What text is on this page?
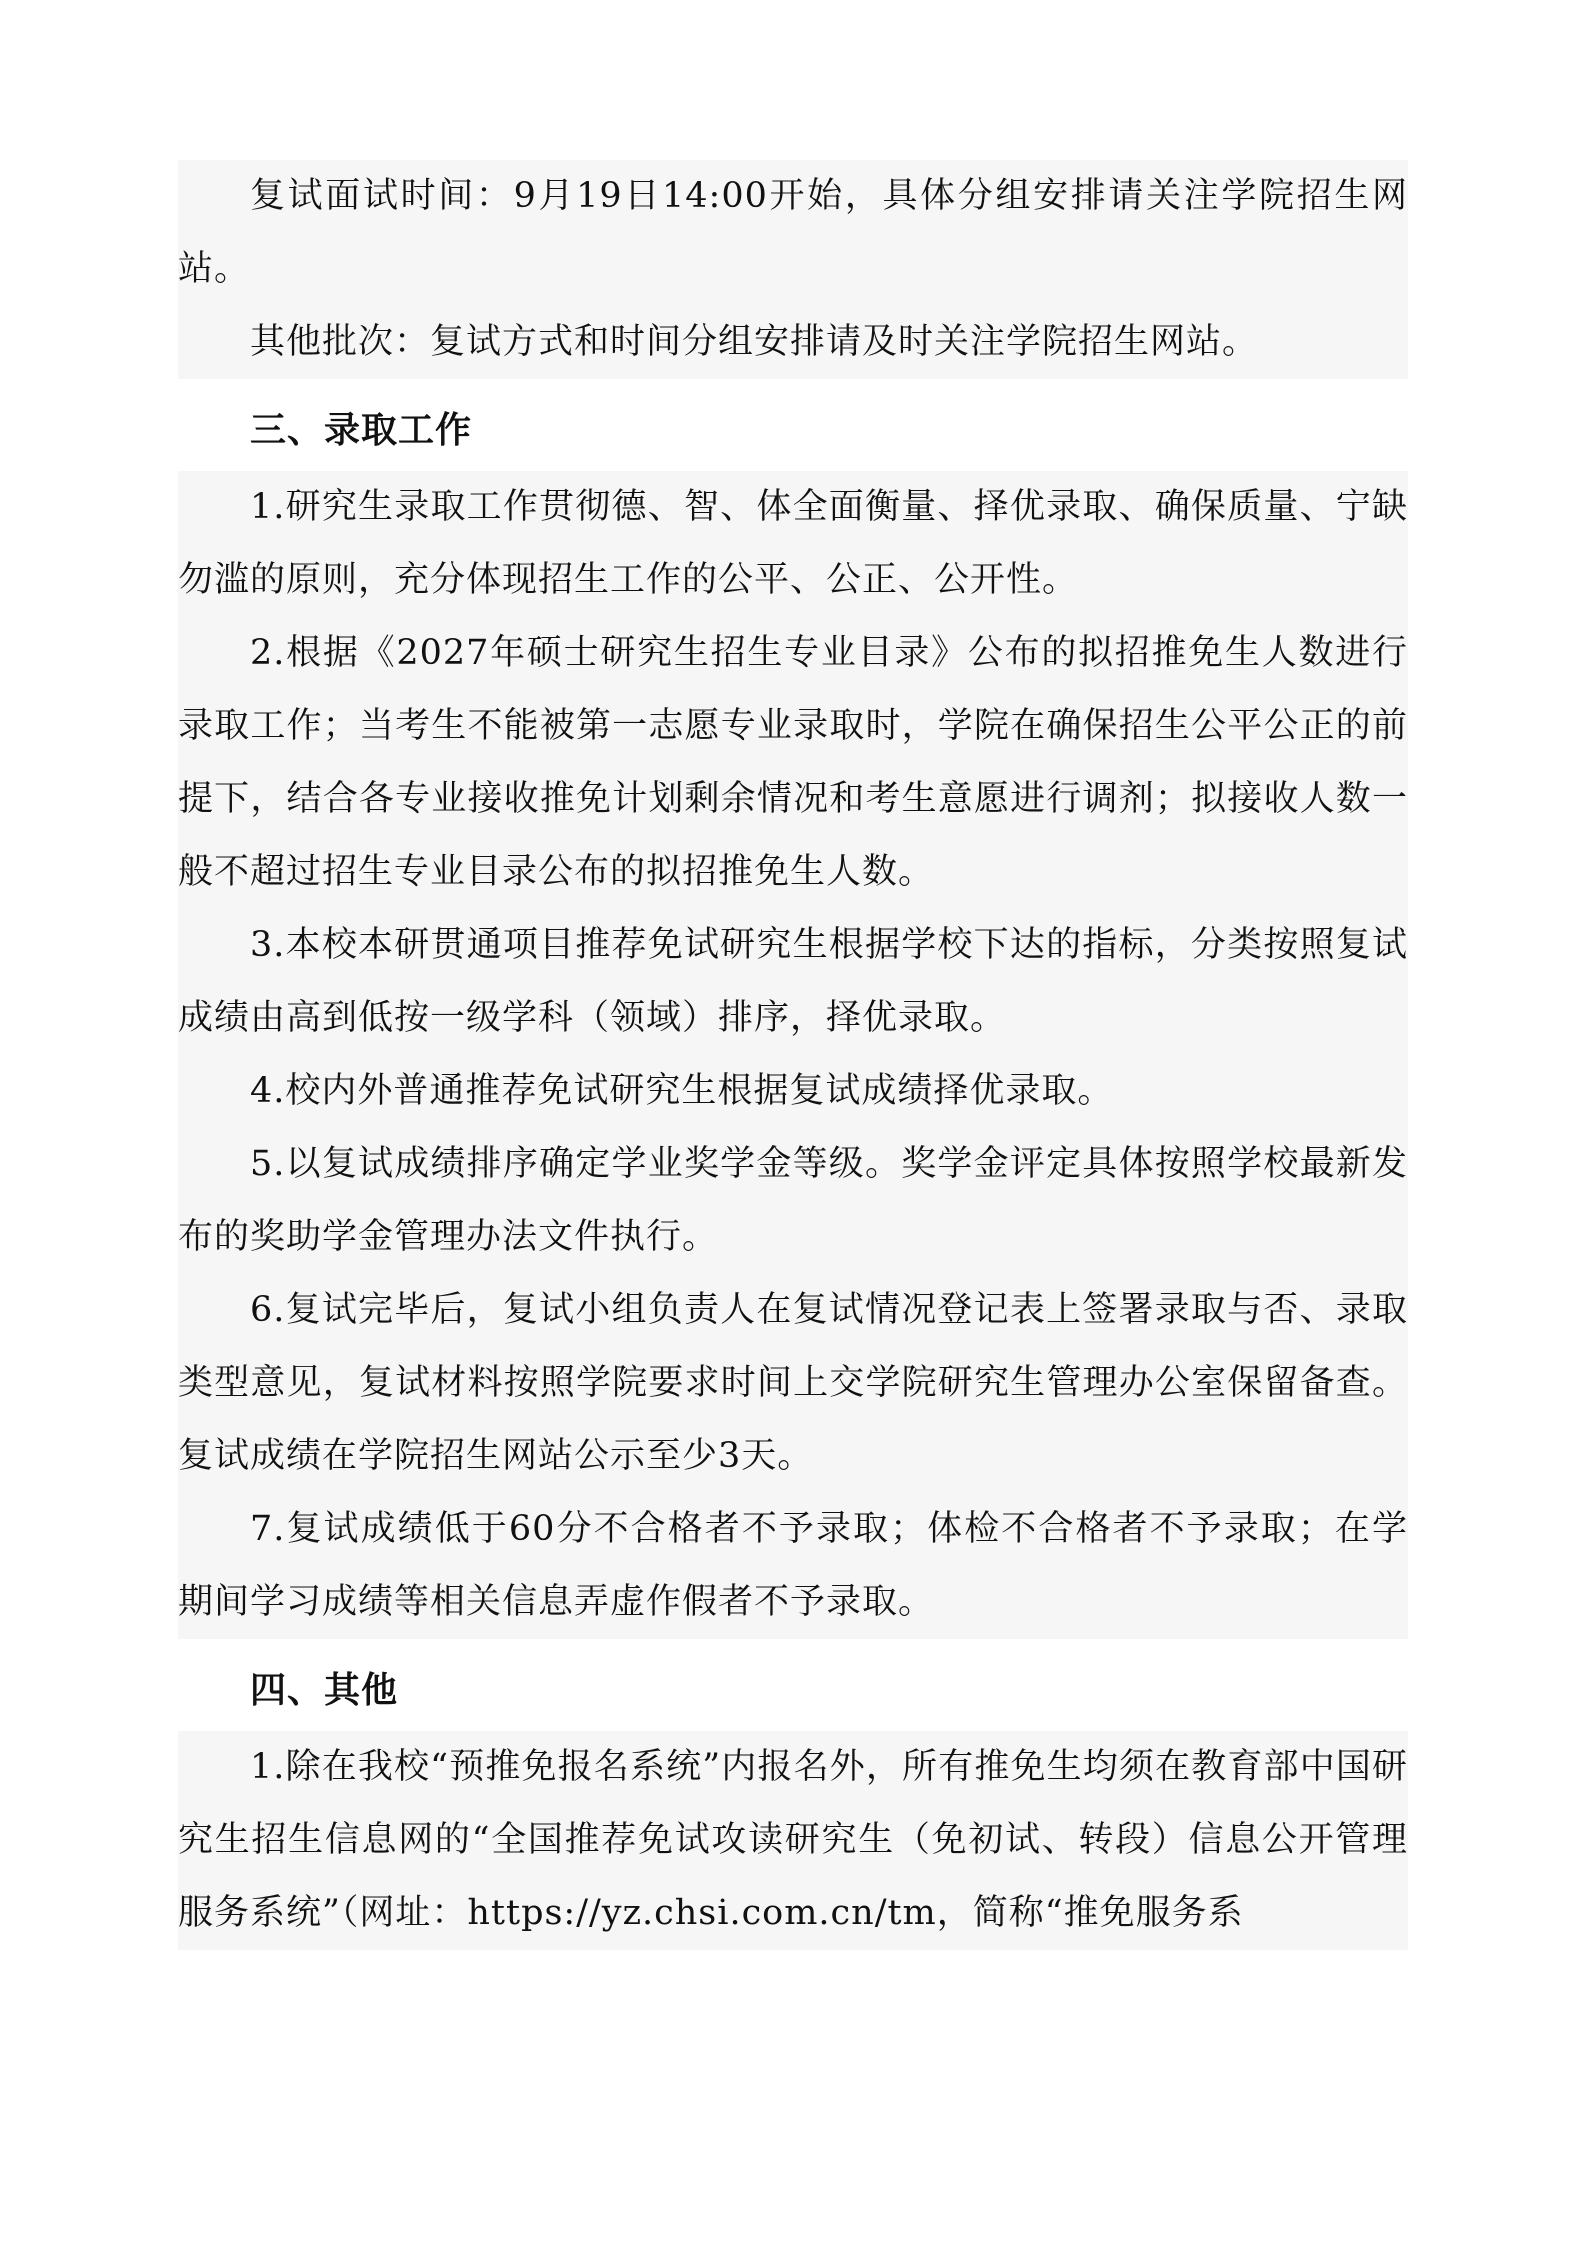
复试面试时间：9月19日14:00开始，具体分组安排请关注学院招生网站。

其他批次：复试方式和时间分组安排请及时关注学院招生网站。

三、录取工作

1.研究生录取工作贯彻德、智、体全面衡量、择优录取、确保质量、宁缺勿滥的原则，充分体现招生工作的公平、公正、公开性。

2.根据《2027年硕士研究生招生专业目录》公布的拟招推免生人数进行录取工作；当考生不能被第一志愿专业录取时，学院在确保招生公平公正的前提下，结合各专业接收推免计划剩余情况和考生意愿进行调剂；拟接收人数一般不超过招生专业目录公布的拟招推免生人数。

3.本校本研贯通项目推荐免试研究生根据学校下达的指标，分类按照复试成绩由高到低按一级学科（领域）排序，择优录取。

4.校内外普通推荐免试研究生根据复试成绩择优录取。

5.以复试成绩排序确定学业奖学金等级。奖学金评定具体按照学校最新发布的奖助学金管理办法文件执行。

6.复试完毕后，复试小组负责人在复试情况登记表上签署录取与否、录取类型意见，复试材料按照学院要求时间上交学院研究生管理办公室保留备查。复试成绩在学院招生网站公示至少3天。

7.复试成绩低于60分不合格者不予录取；体检不合格者不予录取；在学期间学习成绩等相关信息弄虚作假者不予录取。

四、其他

1.除在我校“预推免报名系统”内报名外，所有推免生均须在教育部中国研究生招生信息网的“全国推荐免试攻读研究生（免初试、转段）信息公开管理服务系统”（网址：https://yz.chsi.com.cn/tm，简称“推免服务系
